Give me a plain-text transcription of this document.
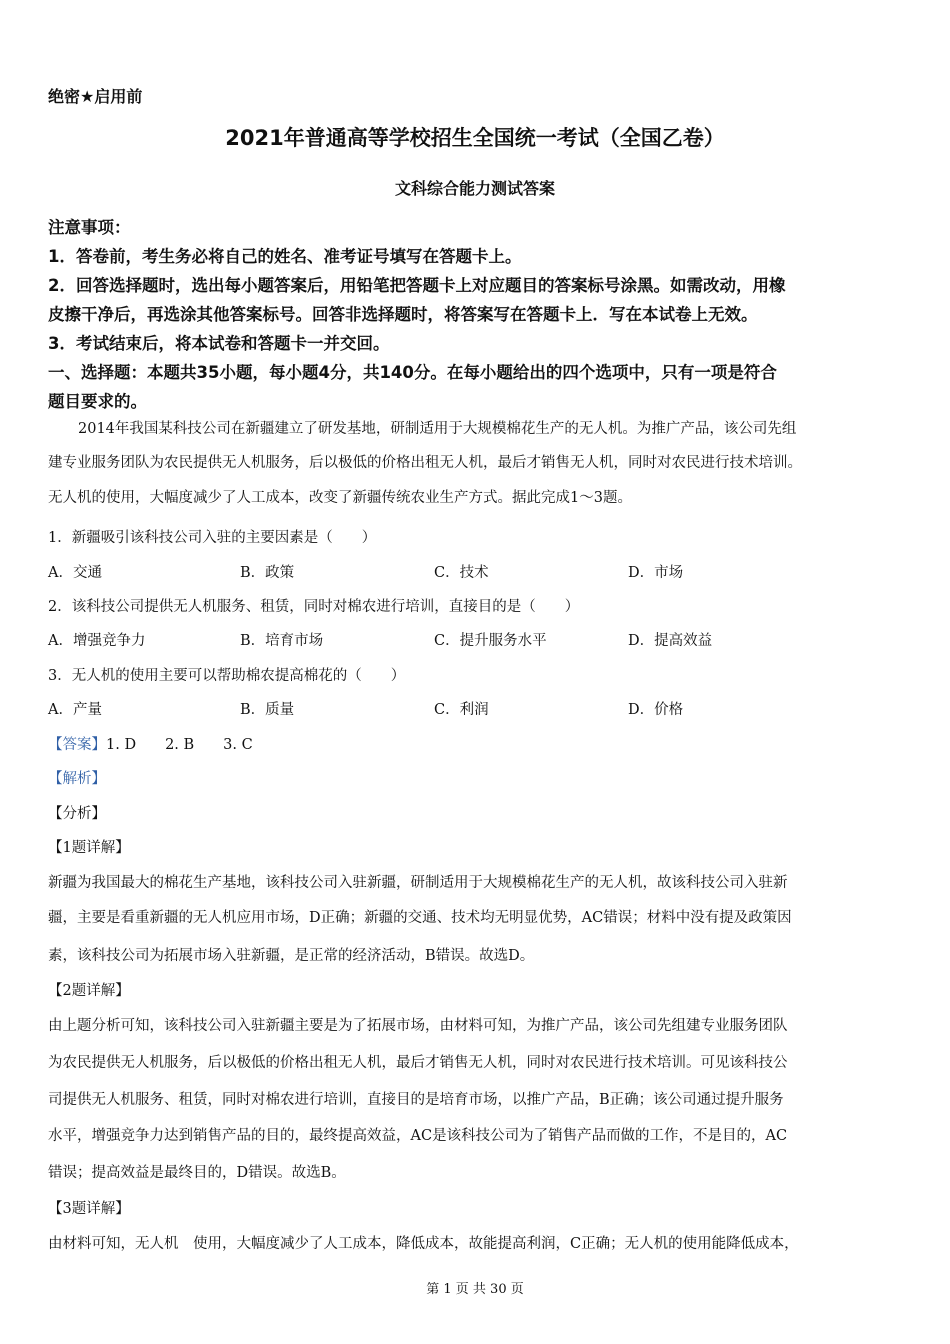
绝密★启用前
2021年普通高等学校招生全国统一考试（全国乙卷）
文科综合能力测试答案
注意事项：
1．答卷前，考生务必将自己的姓名、准考证号填写在答题卡上。
2．回答选择题时，选出每小题答案后，用铅笔把答题卡上对应题目的答案标号涂黑。如需改动，用橡
皮擦干净后，再选涂其他答案标号。回答非选择题时，将答案写在答题卡上．写在本试卷上无效。
3．考试结束后，将本试卷和答题卡一并交回。
一、选择题：本题共35小题，每小题4分，共140分。在每小题给出的四个选项中，只有一项是符合
题目要求的。
2014年我国某科技公司在新疆建立了研发基地，研制适用于大规模棉花生产的无人机。为推广产品，该公司先组
建专业服务团队为农民提供无人机服务，后以极低的价格出租无人机，最后才销售无人机，同时对农民进行技术培训。
无人机的使用，大幅度减少了人工成本，改变了新疆传统农业生产方式。据此完成1～3题。
1．新疆吸引该科技公司入驻的主要因素是（　　）
A．交通	B．政策	C．技术	D．市场
2．该科技公司提供无人机服务、租赁，同时对棉农进行培训，直接目的是（　　）
A．增强竞争力	B．培育市场	C．提升服务水平	D．提高效益
3．无人机的使用主要可以帮助棉农提高棉花的（　　）
A．产量	B．质量	C．利润	D．价格
【答案】1. D　　2. B　　3. C
【解析】
【分析】
【1题详解】
新疆为我国最大的棉花生产基地，该科技公司入驻新疆，研制适用于大规模棉花生产的无人机，故该科技公司入驻新
疆，主要是看重新疆的无人机应用市场，D正确；新疆的交通、技术均无明显优势，AC错误；材料中没有提及政策因
素，该科技公司为拓展市场入驻新疆，是正常的经济活动，B错误。故选D。
【2题详解】
由上题分析可知，该科技公司入驻新疆主要是为了拓展市场，由材料可知，为推广产品，该公司先组建专业服务团队
为农民提供无人机服务，后以极低的价格出租无人机，最后才销售无人机，同时对农民进行技术培训。可见该科技公
司提供无人机服务、租赁，同时对棉农进行培训，直接目的是培育市场，以推广产品，B正确；该公司通过提升服务
水平，增强竞争力达到销售产品的目的，最终提高效益，AC是该科技公司为了销售产品而做的工作，不是目的，AC
错误；提高效益是最终目的，D错误。故选B。
【3题详解】
由材料可知，无人机　使用，大幅度减少了人工成本，降低成本，故能提高利润，C正确；无人机的使用能降低成本，
第 1 页 共 30 页
